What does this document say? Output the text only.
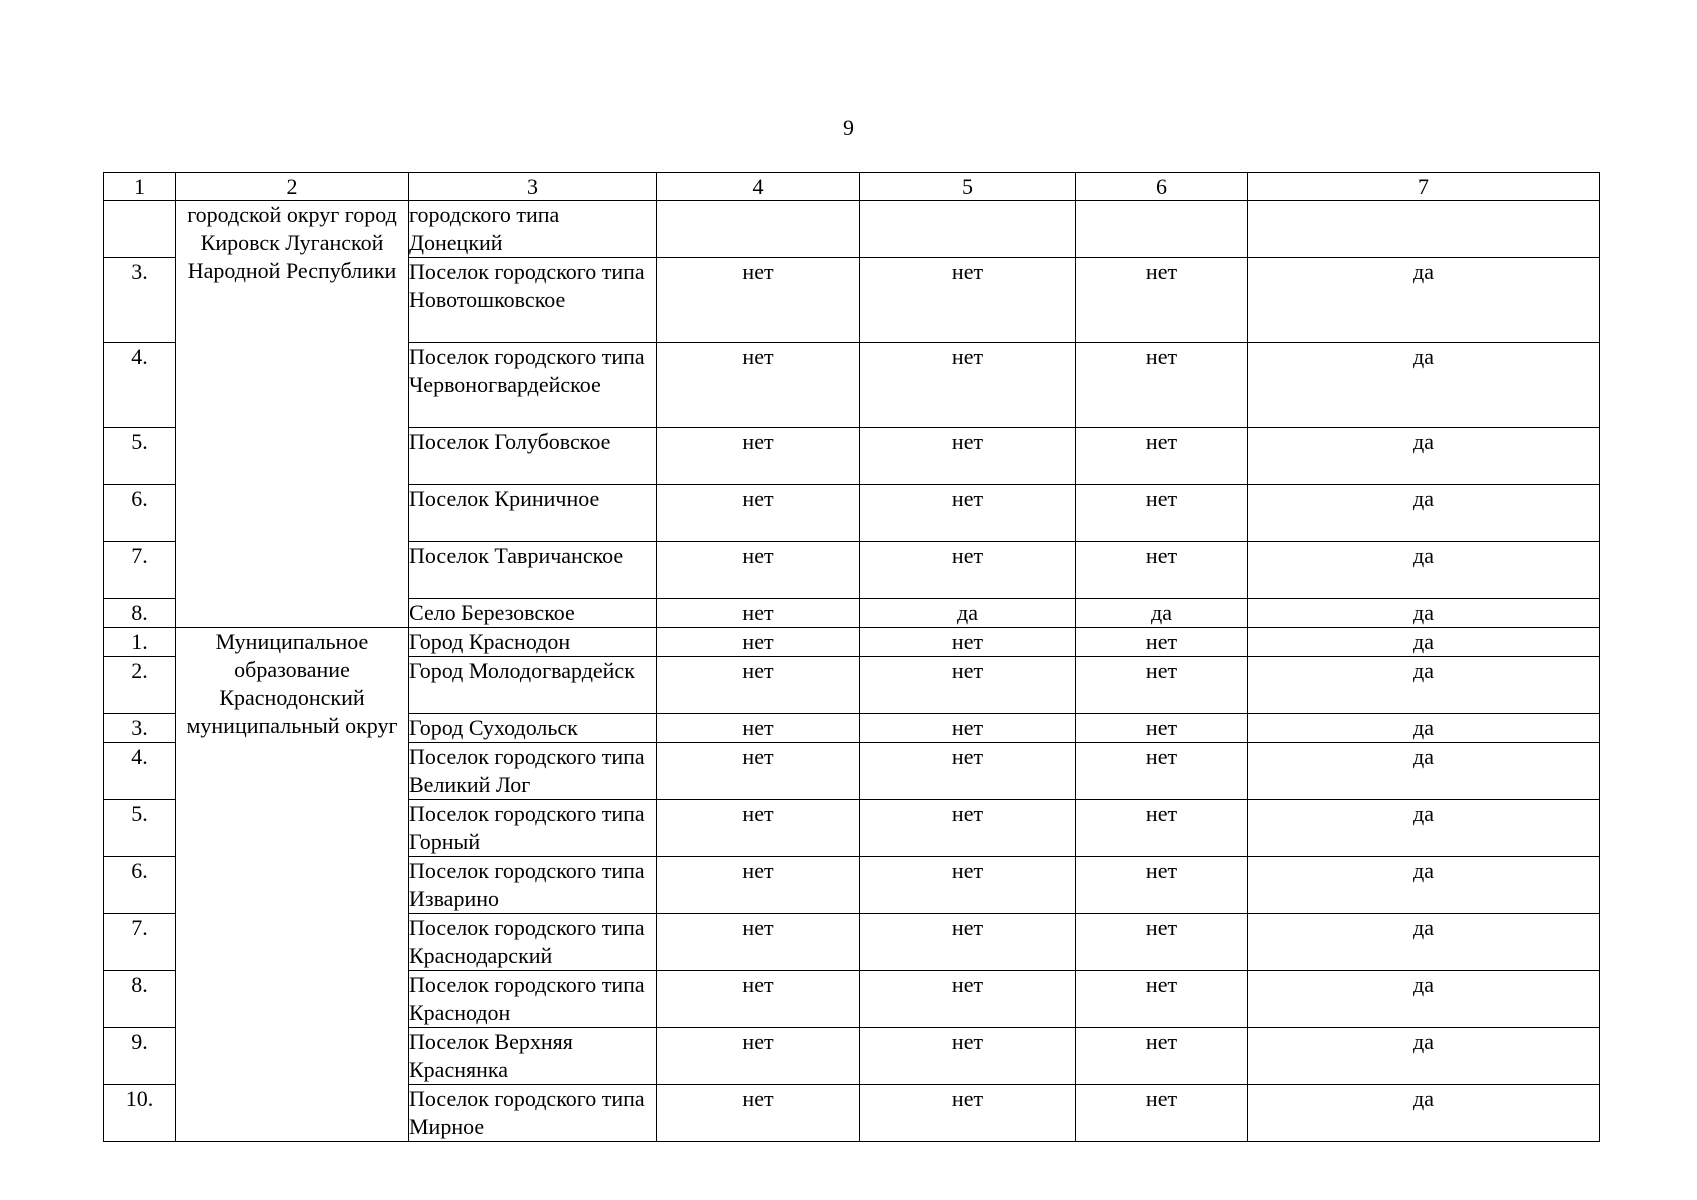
9
1	2	3	4	5	6	7
	городской округ город Кировск Луганской Народной Республики	городского типа Донецкий				
3.		Поселок городского типа Новотошковское	нет	нет	нет	да
4.		Поселок городского типа Червоногвардейское	нет	нет	нет	да
5.		Поселок Голубовское	нет	нет	нет	да
6.		Поселок Криничное	нет	нет	нет	да
7.		Поселок Тавричанское	нет	нет	нет	да
8.		Село Березовское	нет	да	да	да
1.	Муниципальное образование Краснодонский муниципальный округ	Город Краснодон	нет	нет	нет	да
2.		Город Молодогвардейск	нет	нет	нет	да
3.		Город Суходольск	нет	нет	нет	да
4.		Поселок городского типа Великий Лог	нет	нет	нет	да
5.		Поселок городского типа Горный	нет	нет	нет	да
6.		Поселок городского типа Изварино	нет	нет	нет	да
7.		Поселок городского типа Краснодарский	нет	нет	нет	да
8.		Поселок городского типа Краснодон	нет	нет	нет	да
9.		Поселок Верхняя Краснянка	нет	нет	нет	да
10.		Поселок городского типа Мирное	нет	нет	нет	да
